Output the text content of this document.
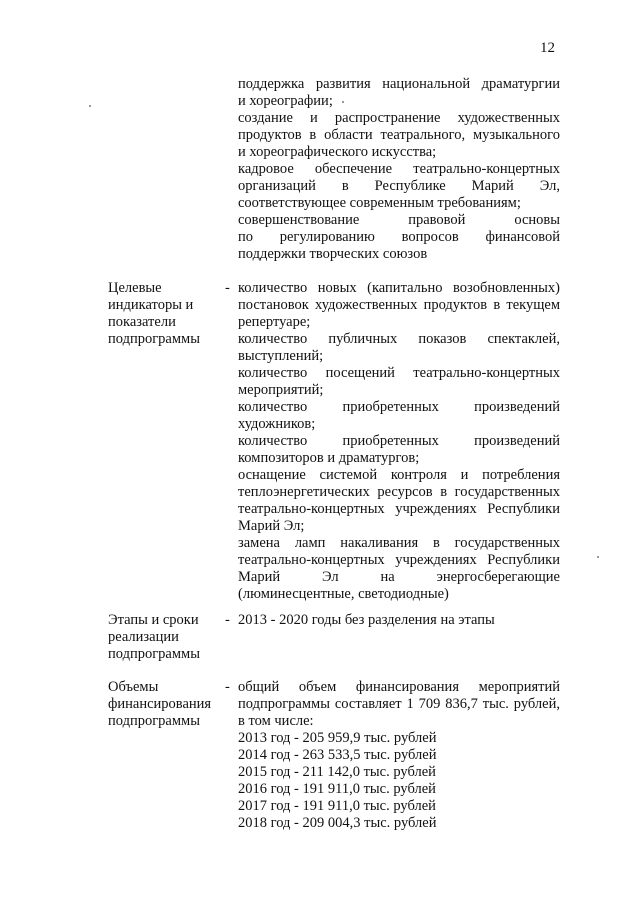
12

поддержка развития национальной драматургии

и хореографии;

создание и распространение художественных

продуктов в области театрального, музыкального

и хореографического искусства;

кадровое обеспечение театрально-концертных

организаций в Республике Марий Эл,

соответствующее современным требованиям;

совершенствование правовой основы

по регулированию вопросов финансовой

поддержки творческих союзов

Целевые
индикаторы и
показатели
подпрограммы
- количество новых (капитально возобновленных)

постановок художественных продуктов в текущем

репертуаре;

количество публичных показов спектаклей,

выступлений;

количество посещений театрально-концертных

мероприятий;

количество приобретенных произведений

художников;

количество приобретенных произведений

композиторов и драматургов;

оснащение системой контроля и потребления

теплоэнергетических ресурсов в государственных

театрально-концертных учреждениях Республики

Марий Эл;

замена ламп накаливания в государственных

театрально-концертных учреждениях Республики

Марий Эл на энергосберегающие

(люминесцентные, светодиодные)

Этапы и сроки
реализации
подпрограммы
- 2013 - 2020 годы без разделения на этапы

Объемы
финансирования
подпрограммы
- общий объем финансирования мероприятий

подпрограммы составляет 1 709 836,7 тыс. рублей,

в том числе:

2013 год - 205 959,9 тыс. рублей

2014 год - 263 533,5 тыс. рублей

2015 год - 211 142,0 тыс. рублей

2016 год - 191 911,0 тыс. рублей

2017 год - 191 911,0 тыс. рублей

2018 год - 209 004,3 тыс. рублей
